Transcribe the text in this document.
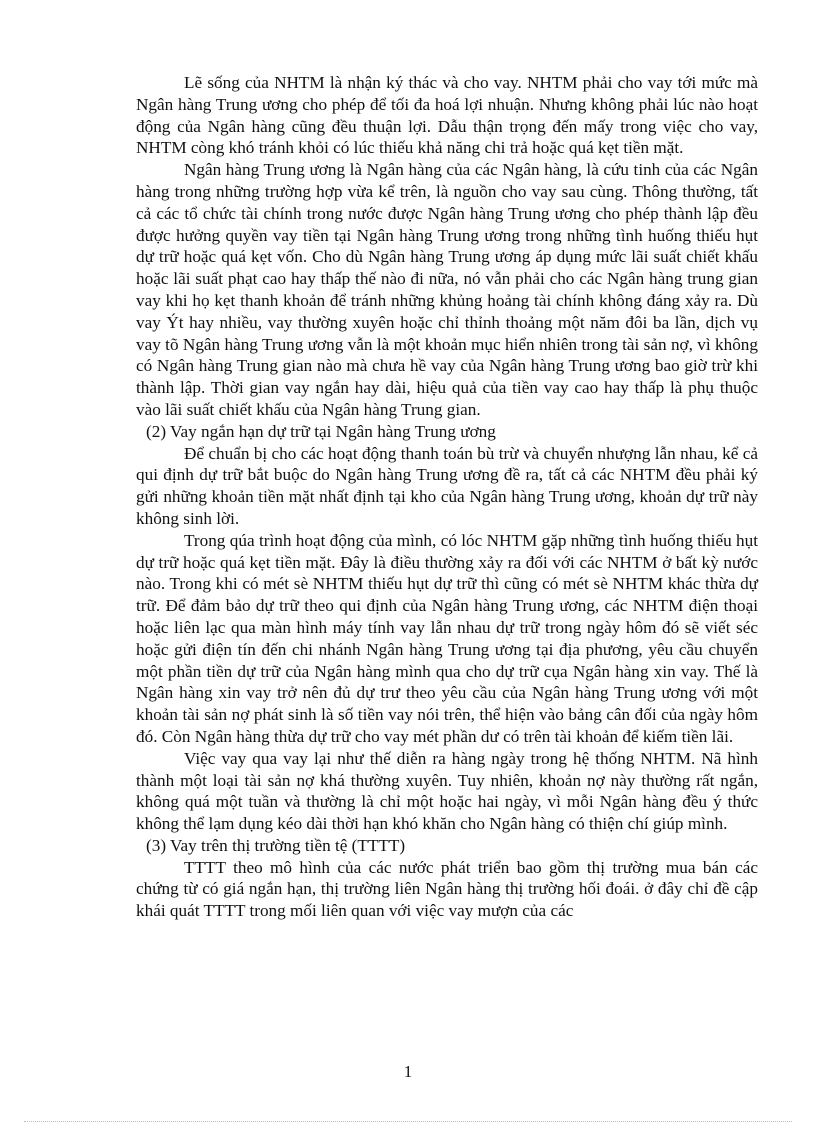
Lẽ sống của NHTM là nhận ký thác và cho vay. NHTM phải cho vay tới mức mà Ngân hàng Trung ương cho phép để tối đa hoá lợi nhuận. Nhưng không phải lúc nào hoạt động của Ngân hàng cũng đều thuận lợi. Dẫu thận trọng đến mấy trong việc cho vay, NHTM còng khó tránh khỏi có lúc thiếu khả năng chi trả hoặc quá kẹt tiền mặt.

Ngân hàng Trung ương là Ngân hàng của các Ngân hàng, là cứu tinh của các Ngân hàng trong những trường hợp vừa kể trên, là nguồn cho vay sau cùng. Thông thường, tất cả các tổ chức tài chính trong nước được Ngân hàng Trung ương cho phép thành lập đều được hưởng quyền vay tiền tại Ngân hàng Trung ương trong những tình huống thiếu hụt dự trữ hoặc quá kẹt vốn. Cho dù Ngân hàng Trung ương áp dụng mức lãi suất chiết khấu hoặc lãi suất phạt cao hay thấp thế nào đi nữa, nó vẫn phải cho các Ngân hàng trung gian vay khi họ kẹt thanh khoản để tránh những khủng hoảng tài chính không đáng xảy ra. Dù vay Ýt hay nhiều, vay thường xuyên hoặc chỉ thỉnh thoảng một năm đôi ba lần, dịch vụ vay tõ Ngân hàng Trung ương vẫn là một khoản mục hiển nhiên trong tài sản nợ, vì không có Ngân hàng Trung gian nào mà chưa hề vay của Ngân hàng Trung ương bao giờ trừ khi thành lập. Thời gian vay ngắn hay dài, hiệu quả của tiền vay cao hay thấp là phụ thuộc vào lãi suất chiết khấu của Ngân hàng Trung gian.

(2) Vay ngắn hạn dự trữ tại Ngân hàng Trung ương

Để chuẩn bị cho các hoạt động thanh toán bù trừ và chuyển nhượng lẫn nhau, kể cả qui định dự trữ bắt buộc do Ngân hàng Trung ương đề ra, tất cả các NHTM đều phải ký gửi những khoản tiền mặt nhất định tại kho của Ngân hàng Trung ương, khoản dự trữ này không sinh lời.

Trong qúa trình hoạt động của mình, có lóc NHTM gặp những tình huống thiếu hụt dự trữ hoặc quá kẹt tiền mặt. Đây là điều thường xảy ra đối với các NHTM ở bất kỳ nước nào. Trong khi có mét sè NHTM thiếu hụt dự trữ thì cũng có mét sè NHTM khác thừa dự trữ. Để đảm bảo dự trữ theo qui định của Ngân hàng Trung ương, các NHTM điện thoại hoặc liên lạc qua màn hình máy tính vay lẫn nhau dự trữ trong ngày hôm đó sẽ viết séc hoặc gửi điện tín đến chi nhánh Ngân hàng Trung ương tại địa phương, yêu cầu chuyển một phần tiền dự trữ của Ngân hàng mình qua cho dự trữ cụa Ngân hàng xin vay. Thế là Ngân hàng xin vay trở nên đủ dự trư theo yêu cầu của Ngân hàng Trung ương với một khoản tài sản nợ phát sinh là số tiền vay nói trên, thể hiện vào bảng cân đối của ngày hôm đó. Còn Ngân hàng thừa dự trữ cho vay mét phần dư có trên tài khoản để kiếm tiền lãi.

Việc vay qua vay lại như thế diễn ra hàng ngày trong hệ thống NHTM. Nã hình thành một loại tài sản nợ khá thường xuyên. Tuy nhiên, khoản nợ này thường rất ngắn, không quá một tuần và thường là chỉ một hoặc hai ngày, vì mỗi Ngân hàng đều ý thức không thể lạm dụng kéo dài thời hạn khó khăn cho Ngân hàng có thiện chí giúp mình.

(3) Vay trên thị trường tiền tệ (TTTT)

TTTT theo mô hình của các nước phát triển bao gồm thị trường mua bán các chứng từ có giá ngắn hạn, thị trường liên Ngân hàng thị trường hối đoái. ở đây chỉ đề cập khái quát TTTT trong mối liên quan với việc vay mượn của các

1
